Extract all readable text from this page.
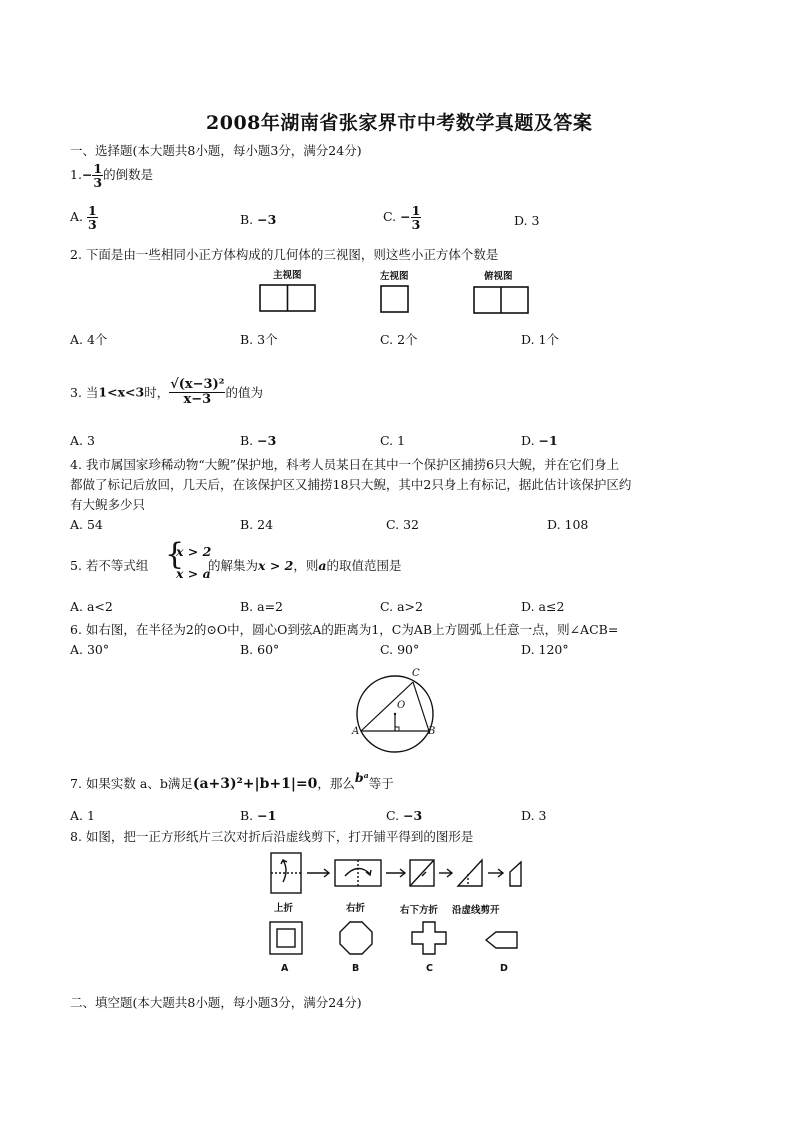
2008年湖南省张家界市中考数学真题及答案
一、选择题(本大题共8小题，每小题3分，满分24分)
$1.- \frac{1}{3}$ 的倒数是
A. $\frac{1}{3}$	B. −3	C. − $\frac{1}{3}$	D. 3
2. 下面是由一些相同小正方体构成的几何体的三视图，则这些小正方体个数是
主视图	左视图	俯视图
A. 4个	B. 3个	C. 2个	D. 1个
3. 当1<x<3时， $\frac{\text{√(x−3)²}}{x-3}$ 的值为
A. 3	B. −3	C. 1	D. −1
4. 我市属国家珍稀动物“大鲵”保护地，科考人员某日在其中一个保护区捕捞6只大鲵，并在它们身上
都做了标记后放回，几天后，在该保护区又捕捞18只大鲵，其中2只身上有标记，据此估计该保护区约
有大鲵多少只
A. 54	B. 24	C. 32	D. 108
5. 若不等式组 {
x > 2
x > a
的解集为x > 2，则a的取值范围是
A. a<2	B. a=2	C. a>2	D. a≤2
6. 如右图，在半径为2的⊙O中，圆心O到弦A的距离为1，C为AB上方圆弧上任意一点，则∠ACB=
A. 30°	B. 60°	C. 90°	D. 120°
C
O
A	B
7. 如果实数 a、b满足(a+3)²+|b+1|=0，那么bᵃ等于
A. 1	B. −1	C. −3	D. 3
8. 如图，把一正方形纸片三次对折后沿虚线剪下，打开铺平得到的图形是
上折	右折	右下方折 沿虚线剪开
A	B	C	D
二、填空题(本大题共8小题，每小题3分，满分24分)
